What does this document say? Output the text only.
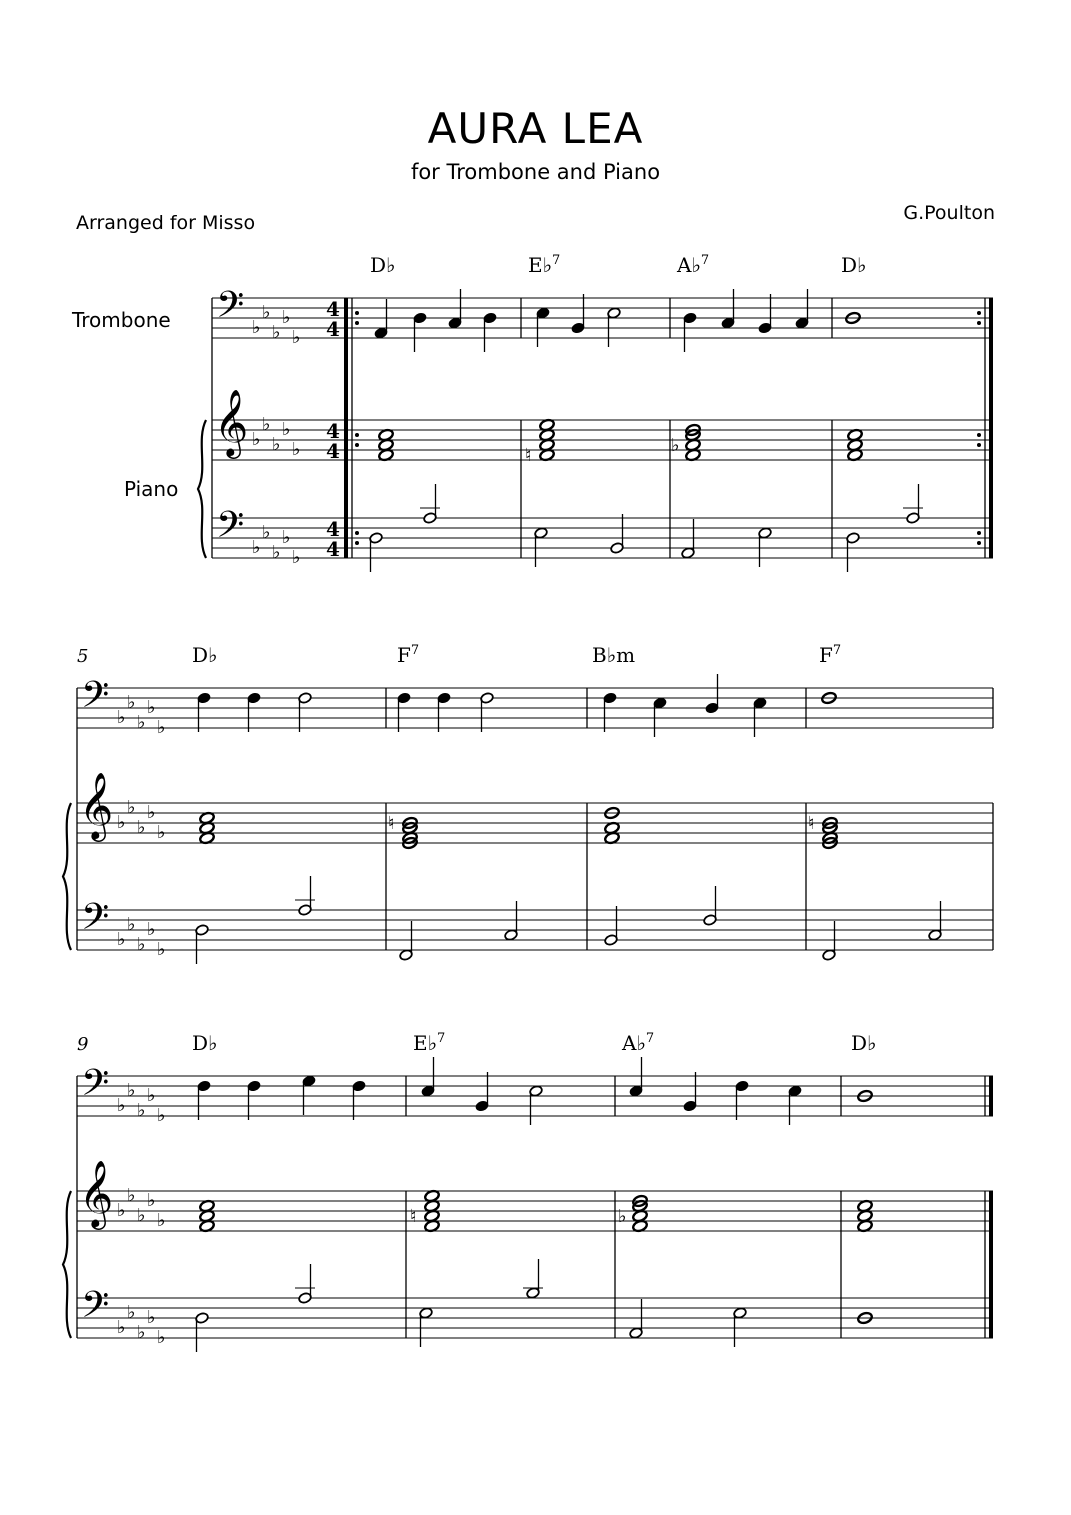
AURA LEA
for Trombone and Piano
Arranged for Misso	G.Poulton
Trombone
Piano
𝄢
𝄞
𝄢
♭
♭
♭
♭
♭
♭
♭
♭
♭
♭
♭
♭
♭
♭
♭
4
4
4
4
4
4
D♭	E♭$^7$	A♭$^7$	D♭
♮	♭
𝄢
𝄞
𝄢
♭
♭
♭
♭
♭
♭
♭
♭
♭
♭
♭
♭
♭
♭
♭
5	D♭	$F^7$	B♭m	$F^7$
♮	♮
𝄢
𝄞
𝄢
♭
♭
♭
♭
♭
♭
♭
♭
♭
♭
♭
♭
♭
♭
♭
9	D♭	E♭$^7$	A♭$^7$	D♭
♮	♭
